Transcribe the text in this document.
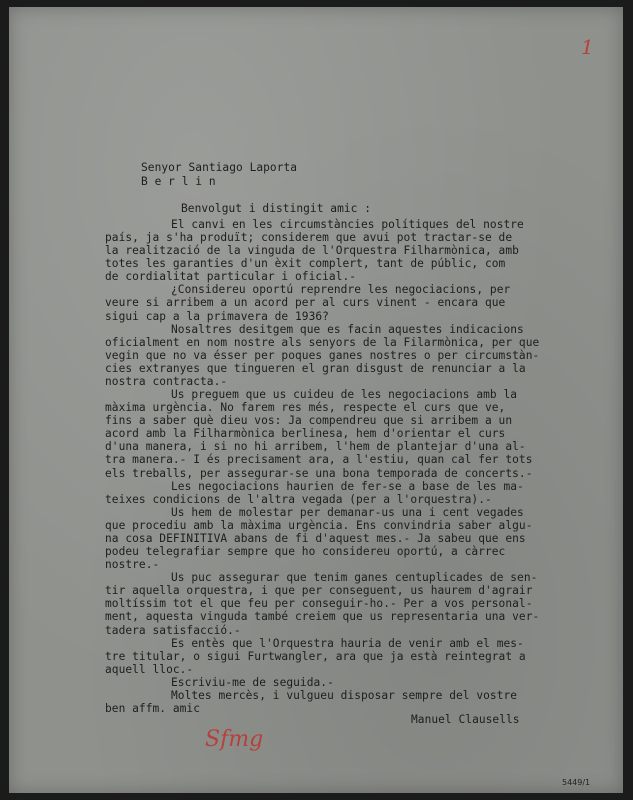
1
Senyor Santiago Laporta
B e r l i n
Benvolgut i distingit amic :
El canvi en les circumstàncies polítiques del nostre
país, ja s'ha produït; considerem que avui pot tractar-se de
la realització de la vinguda de l'Orquestra Filharmònica, amb
totes les garanties d'un èxit complert, tant de públic, com
de cordialitat particular i oficial.-
¿Considereu oportú reprendre les negociacions, per
veure si arribem a un acord per al curs vinent - encara que
sigui cap a la primavera de 1936?
Nosaltres desitgem que es facin aquestes indicacions
oficialment en nom nostre als senyors de la Filarmònica, per que
vegin que no va ésser per poques ganes nostres o per circumstàn-
cies extranyes que tingueren el gran disgust de renunciar a la
nostra contracta.-
Us preguem que us cuideu de les negociacions amb la
màxima urgència. No farem res més, respecte el curs que ve,
fins a saber què dieu vos: Ja compendreu que si arribem a un
acord amb la Filharmònica berlinesa, hem d'orientar el curs
d'una manera, i si no hi arribem, l'hem de plantejar d'una al-
tra manera.- I és precisament ara, a l'estiu, quan cal fer tots
els treballs, per assegurar-se una bona temporada de concerts.-
Les negociacions haurien de fer-se a base de les ma-
teixes condicions de l'altra vegada (per a l'orquestra).-
Us hem de molestar per demanar-us una i cent vegades
que procediu amb la màxima urgència. Ens convindria saber algu-
na cosa DEFINITIVA abans de fi d'aquest mes.- Ja sabeu que ens
podeu telegrafiar sempre que ho considereu oportú, a càrrec
nostre.-
Us puc assegurar que tenim ganes centuplicades de sen-
tir aquella orquestra, i que per conseguent, us haurem d'agrair
moltíssim tot el que feu per conseguir-ho.- Per a vos personal-
ment, aquesta vinguda també creiem que us representaria una ver-
tadera satisfacció.-
Es entès que l'Orquestra hauria de venir amb el mes-
tre titular, o sigui Furtwangler, ara que ja està reintegrat a
aquell lloc.-
Escriviu-me de seguida.-
Moltes mercès, i vulgueu disposar sempre del vostre
ben affm. amic
Manuel Clausells
Sfmg
5449/1
